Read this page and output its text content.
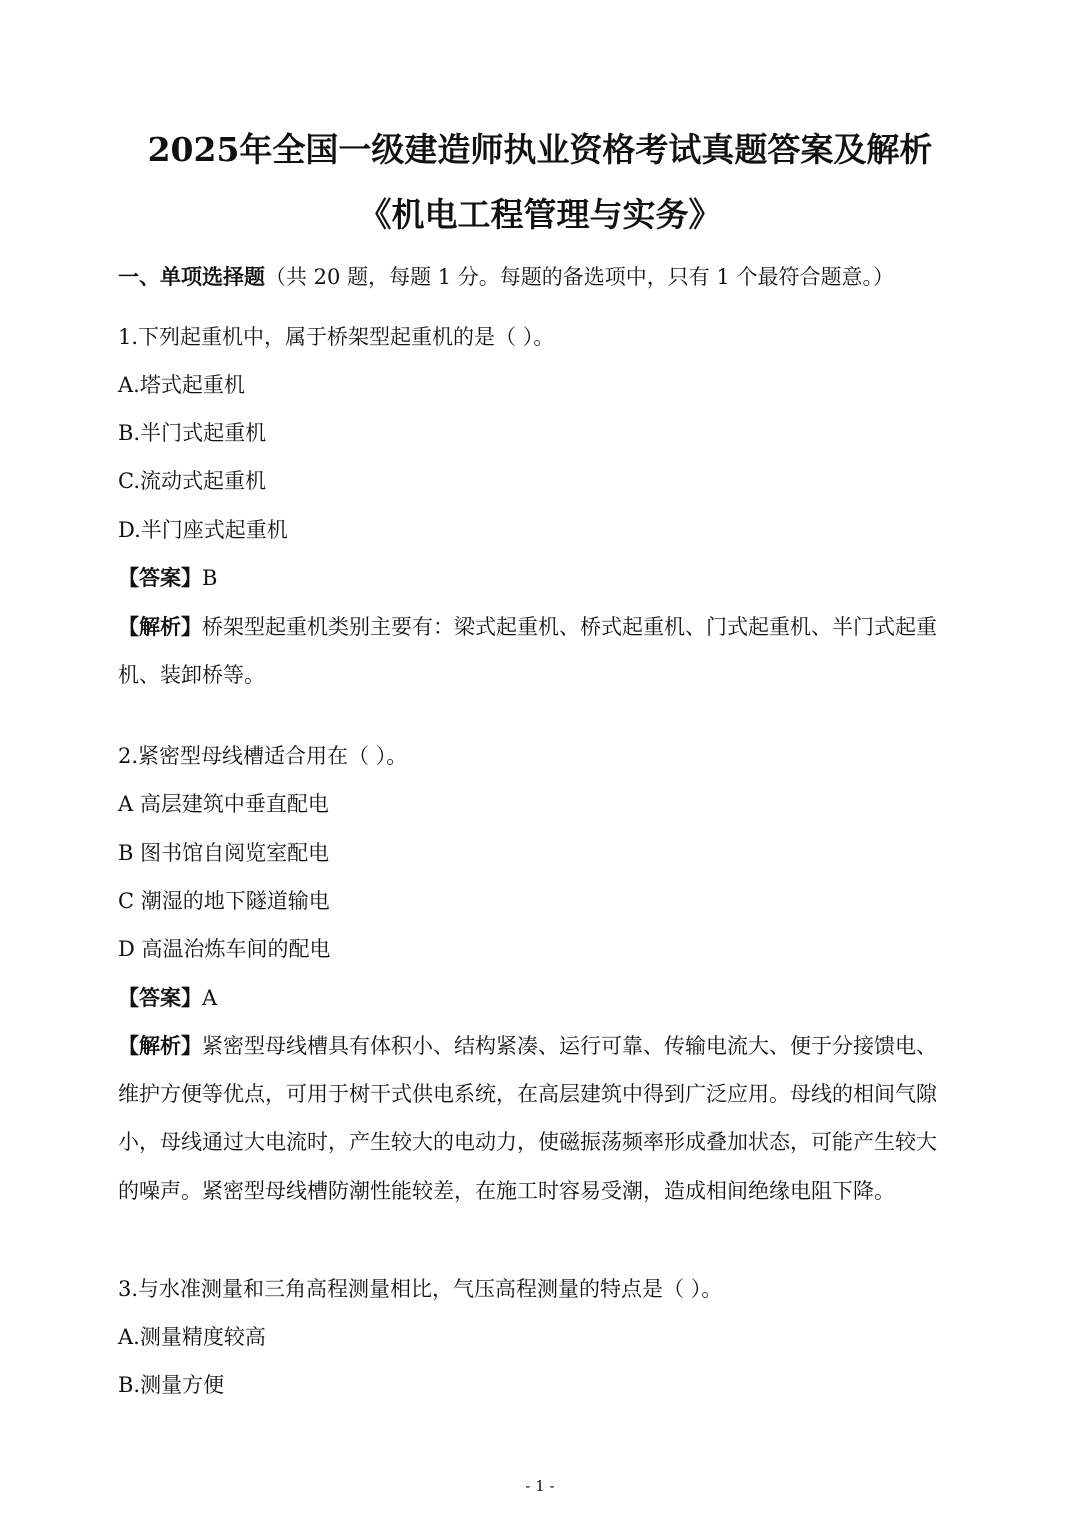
2025年全国一级建造师执业资格考试真题答案及解析
《机电工程管理与实务》
一、单项选择题（共 20 题，每题 1 分。每题的备选项中，只有 1 个最符合题意。）
1.下列起重机中，属于桥架型起重机的是（ ）。
A.塔式起重机
B.半门式起重机
C.流动式起重机
D.半门座式起重机
【答案】B
【解析】桥架型起重机类别主要有：梁式起重机、桥式起重机、门式起重机、半门式起重
机、装卸桥等。
2.紧密型母线槽适合用在（ ）。
A 高层建筑中垂直配电
B 图书馆自阅览室配电
C 潮湿的地下隧道输电
D 高温治炼车间的配电
【答案】A
【解析】紧密型母线槽具有体积小、结构紧凑、运行可靠、传输电流大、便于分接馈电、
维护方便等优点，可用于树干式供电系统，在高层建筑中得到广泛应用。母线的相间气隙
小，母线通过大电流时，产生较大的电动力，使磁振荡频率形成叠加状态，可能产生较大
的噪声。紧密型母线槽防潮性能较差，在施工时容易受潮，造成相间绝缘电阻下降。
3.与水准测量和三角高程测量相比，气压高程测量的特点是（ ）。
A.测量精度较高
B.测量方便
- 1 -
